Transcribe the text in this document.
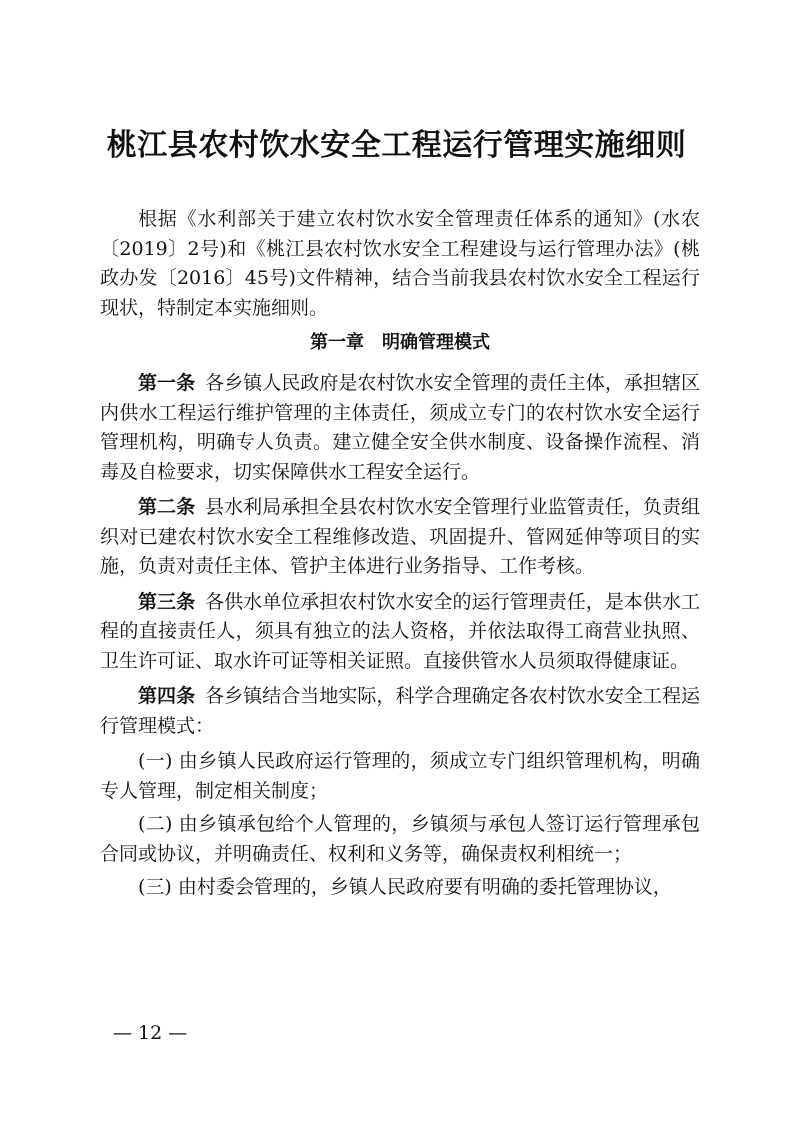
桃江县农村饮水安全工程运行管理实施细则

根据《水利部关于建立农村饮水安全管理责任体系的通知》(水农〔2019〕2号)和《桃江县农村饮水安全工程建设与运行管理办法》(桃政办发〔2016〕45号)文件精神，结合当前我县农村饮水安全工程运行现状，特制定本实施细则。

第一章　明确管理模式

第一条 各乡镇人民政府是农村饮水安全管理的责任主体，承担辖区内供水工程运行维护管理的主体责任，须成立专门的农村饮水安全运行管理机构，明确专人负责。建立健全安全供水制度、设备操作流程、消毒及自检要求，切实保障供水工程安全运行。

第二条 县水利局承担全县农村饮水安全管理行业监管责任，负责组织对已建农村饮水安全工程维修改造、巩固提升、管网延伸等项目的实施，负责对责任主体、管护主体进行业务指导、工作考核。

第三条 各供水单位承担农村饮水安全的运行管理责任，是本供水工程的直接责任人，须具有独立的法人资格，并依法取得工商营业执照、卫生许可证、取水许可证等相关证照。直接供管水人员须取得健康证。

第四条 各乡镇结合当地实际，科学合理确定各农村饮水安全工程运行管理模式：

(一) 由乡镇人民政府运行管理的，须成立专门组织管理机构，明确专人管理，制定相关制度；

(二) 由乡镇承包给个人管理的，乡镇须与承包人签订运行管理承包合同或协议，并明确责任、权利和义务等，确保责权利相统一；

(三) 由村委会管理的，乡镇人民政府要有明确的委托管理协议，

— 12 —
